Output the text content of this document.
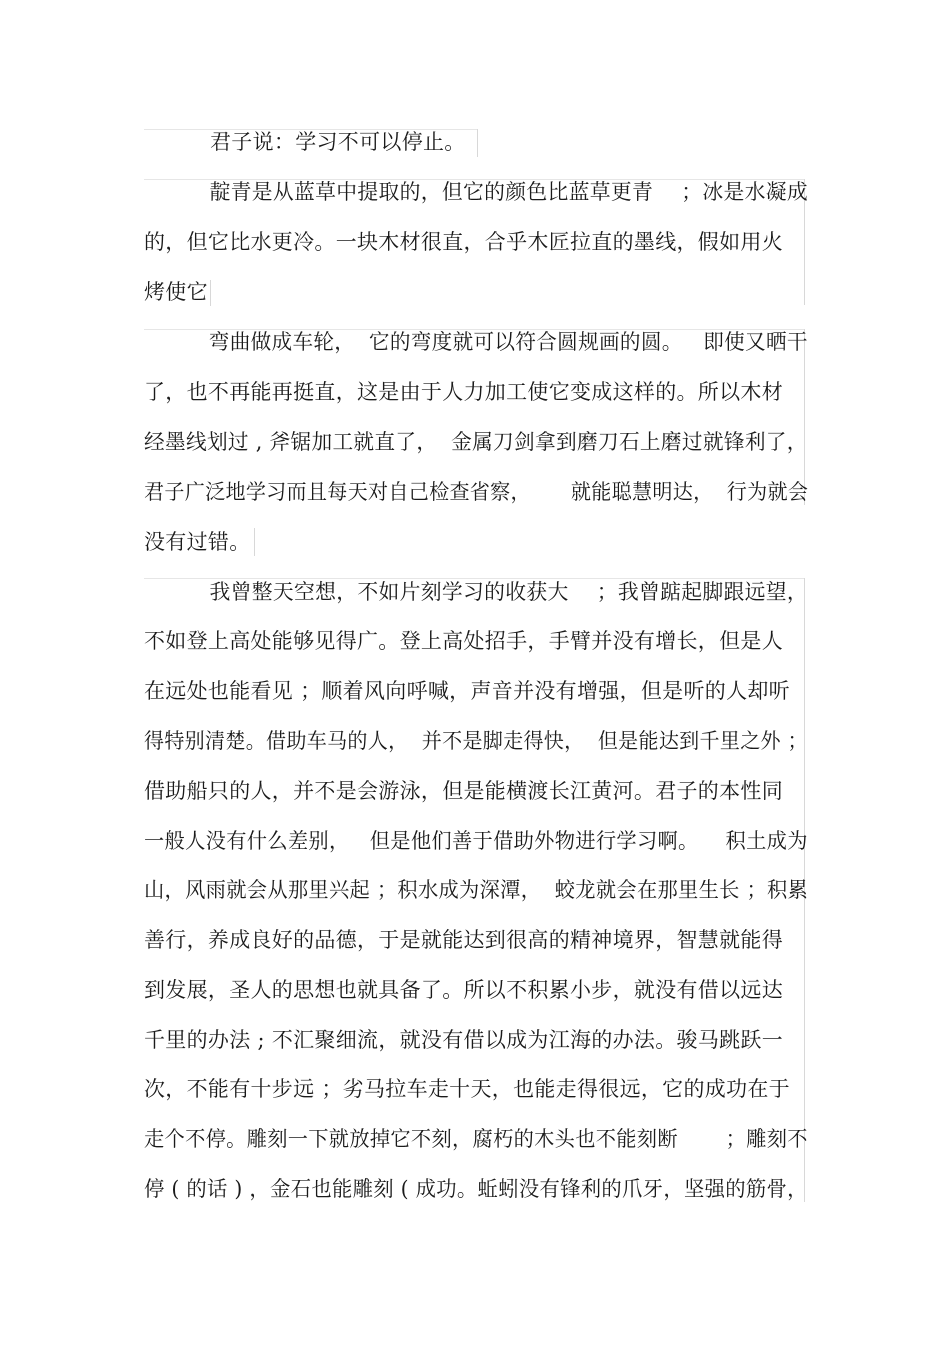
君子说：学习不可以停止。
靛青是从蓝草中提取的，但它的颜色比蓝草更青　 ；冰是水凝成
的，但它比水更冷。一块木材很直，合乎木匠拉直的墨线，假如用火
烤使它
弯曲做成车轮，  它的弯度就可以符合圆规画的圆。   即使又晒干
了，也不再能再挺直，这是由于人力加工使它变成这样的。所以木材
经墨线划过 , 斧锯加工就直了，  金属刀剑拿到磨刀石上磨过就锋利了，
君子广泛地学习而且每天对自己检查省察，      就能聪慧明达，  行为就会
没有过错。
我曾整天空想，不如片刻学习的收获大　 ；我曾踮起脚跟远望，
不如登上高处能够见得广。登上高处招手，手臂并没有增长，但是人
在远处也能看见 ；顺着风向呼喊，声音并没有增强，但是听的人却听
得特别清楚。借助车马的人，  并不是脚走得快，  但是能达到千里之外 ；
借助船只的人，并不是会游泳，但是能横渡长江黄河。君子的本性同
一般人没有什么差别，   但是他们善于借助外物进行学习啊。    积土成为
山，风雨就会从那里兴起 ；积水成为深潭，  蛟龙就会在那里生长 ；积累
善行，养成良好的品德，于是就能达到很高的精神境界，智慧就能得
到发展，圣人的思想也就具备了。所以不积累小步，就没有借以远达
千里的办法 ; 不汇聚细流，就没有借以成为江海的办法。骏马跳跃一
次，不能有十步远 ；劣马拉车走十天，也能走得很远，它的成功在于
走个不停。雕刻一下就放掉它不刻，腐朽的木头也不能刻断　　 ；雕刻不
停 ( 的话 ) ，金石也能雕刻 ( 成功。蚯蚓没有锋利的爪牙，坚强的筋骨，
